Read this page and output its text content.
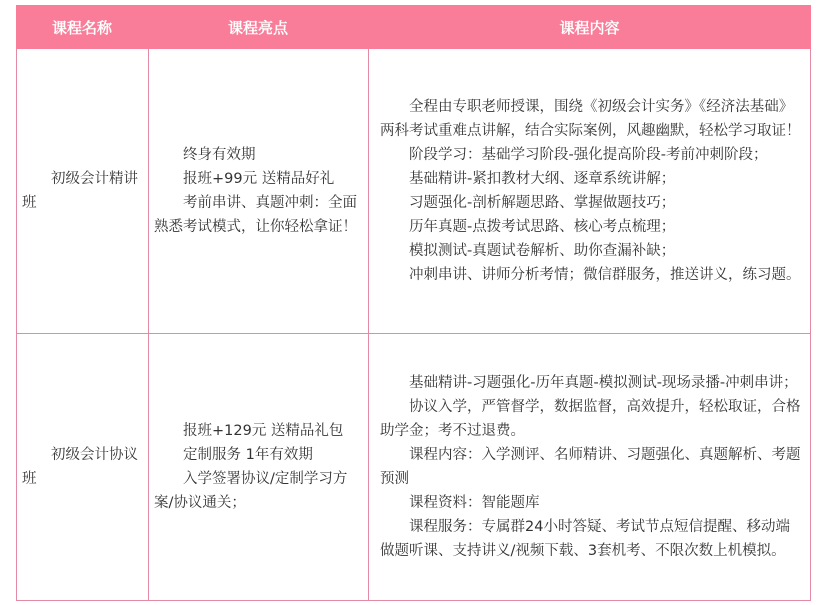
课程名称	课程亮点	课程内容

初级会计精讲班

终身有效期

报班+99元 送精品好礼

考前串讲、真题冲刺：全面熟悉考试模式，让你轻松拿证！

全程由专职老师授课，围绕《初级会计实务》《经济法基础》两科考试重难点讲解，结合实际案例，风趣幽默，轻松学习取证！

阶段学习：基础学习阶段-强化提高阶段-考前冲刺阶段；

基础精讲-紧扣教材大纲、逐章系统讲解；

习题强化-剖析解题思路、掌握做题技巧；

历年真题-点拨考试思路、核心考点梳理；

模拟测试-真题试卷解析、助你查漏补缺；

冲刺串讲、讲师分析考情；微信群服务，推送讲义，练习题。

初级会计协议班

报班+129元 送精品礼包

定制服务 1年有效期

入学签署协议/定制学习方案/协议通关；

基础精讲-习题强化-历年真题-模拟测试-现场录播-冲刺串讲；

协议入学，严管督学，数据监督，高效提升，轻松取证，合格助学金；考不过退费。

课程内容：入学测评、名师精讲、习题强化、真题解析、考题预测

课程资料：智能题库

课程服务：专属群24小时答疑、考试节点短信提醒、移动端做题听课、支持讲义/视频下载、3套机考、不限次数上机模拟。
